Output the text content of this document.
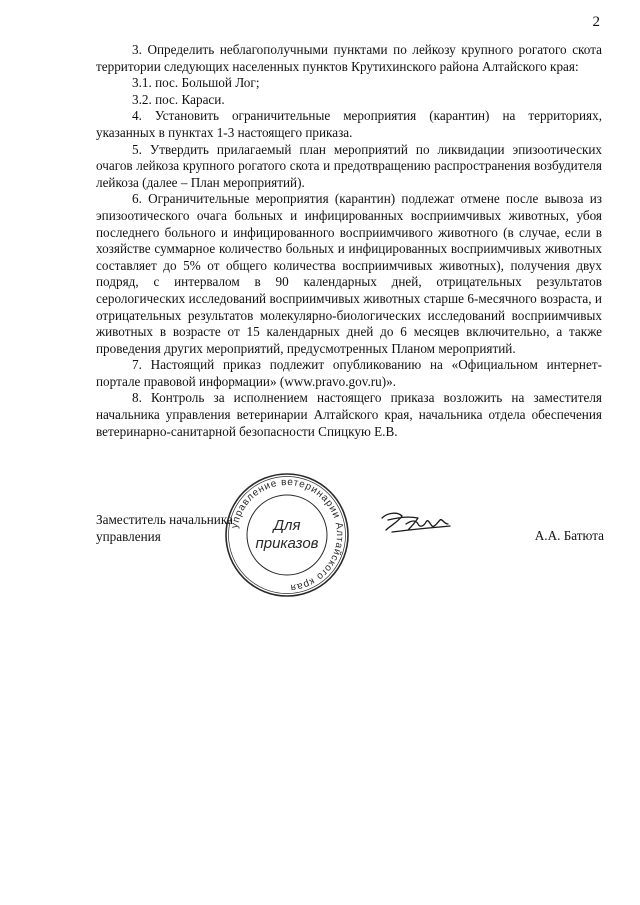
2

3. Определить неблагополучными пунктами по лейкозу крупного рогатого скота территории следующих населенных пунктов Крутихинского района Алтайского края:

3.1. пос. Большой Лог;

3.2. пос. Караси.

4. Установить ограничительные мероприятия (карантин) на территориях, указанных в пунктах 1-3 настоящего приказа.

5. Утвердить прилагаемый план мероприятий по ликвидации эпизоотических очагов лейкоза крупного рогатого скота и предотвращению распространения возбудителя лейкоза (далее – План мероприятий).

6. Ограничительные мероприятия (карантин) подлежат отмене после вывоза из эпизоотического очага больных и инфицированных восприимчивых животных, убоя последнего больного и инфицированного восприимчивого животного (в случае, если в хозяйстве суммарное количество больных и инфицированных восприимчивых животных составляет до 5% от общего количества восприимчивых животных), получения двух подряд, с интервалом в 90 календарных дней, отрицательных результатов серологических исследований восприимчивых животных старше 6-месячного возраста, и отрицательных результатов молекулярно-биологических исследований восприимчивых животных в возрасте от 15 календарных дней до 6 месяцев включительно, а также проведения других мероприятий, предусмотренных Планом мероприятий.

7. Настоящий приказ подлежит опубликованию на «Официальном интернет-портале правовой информации» (www.pravo.gov.ru)».

8. Контроль за исполнением настоящего приказа возложить на заместителя начальника управления ветеринарии Алтайского края, начальника отдела обеспечения ветеринарно-санитарной безопасности Спицкую Е.В.

Заместитель начальника
управления
управление ветеринарии Алтайского края
Для
приказов	А.А. Батюта
